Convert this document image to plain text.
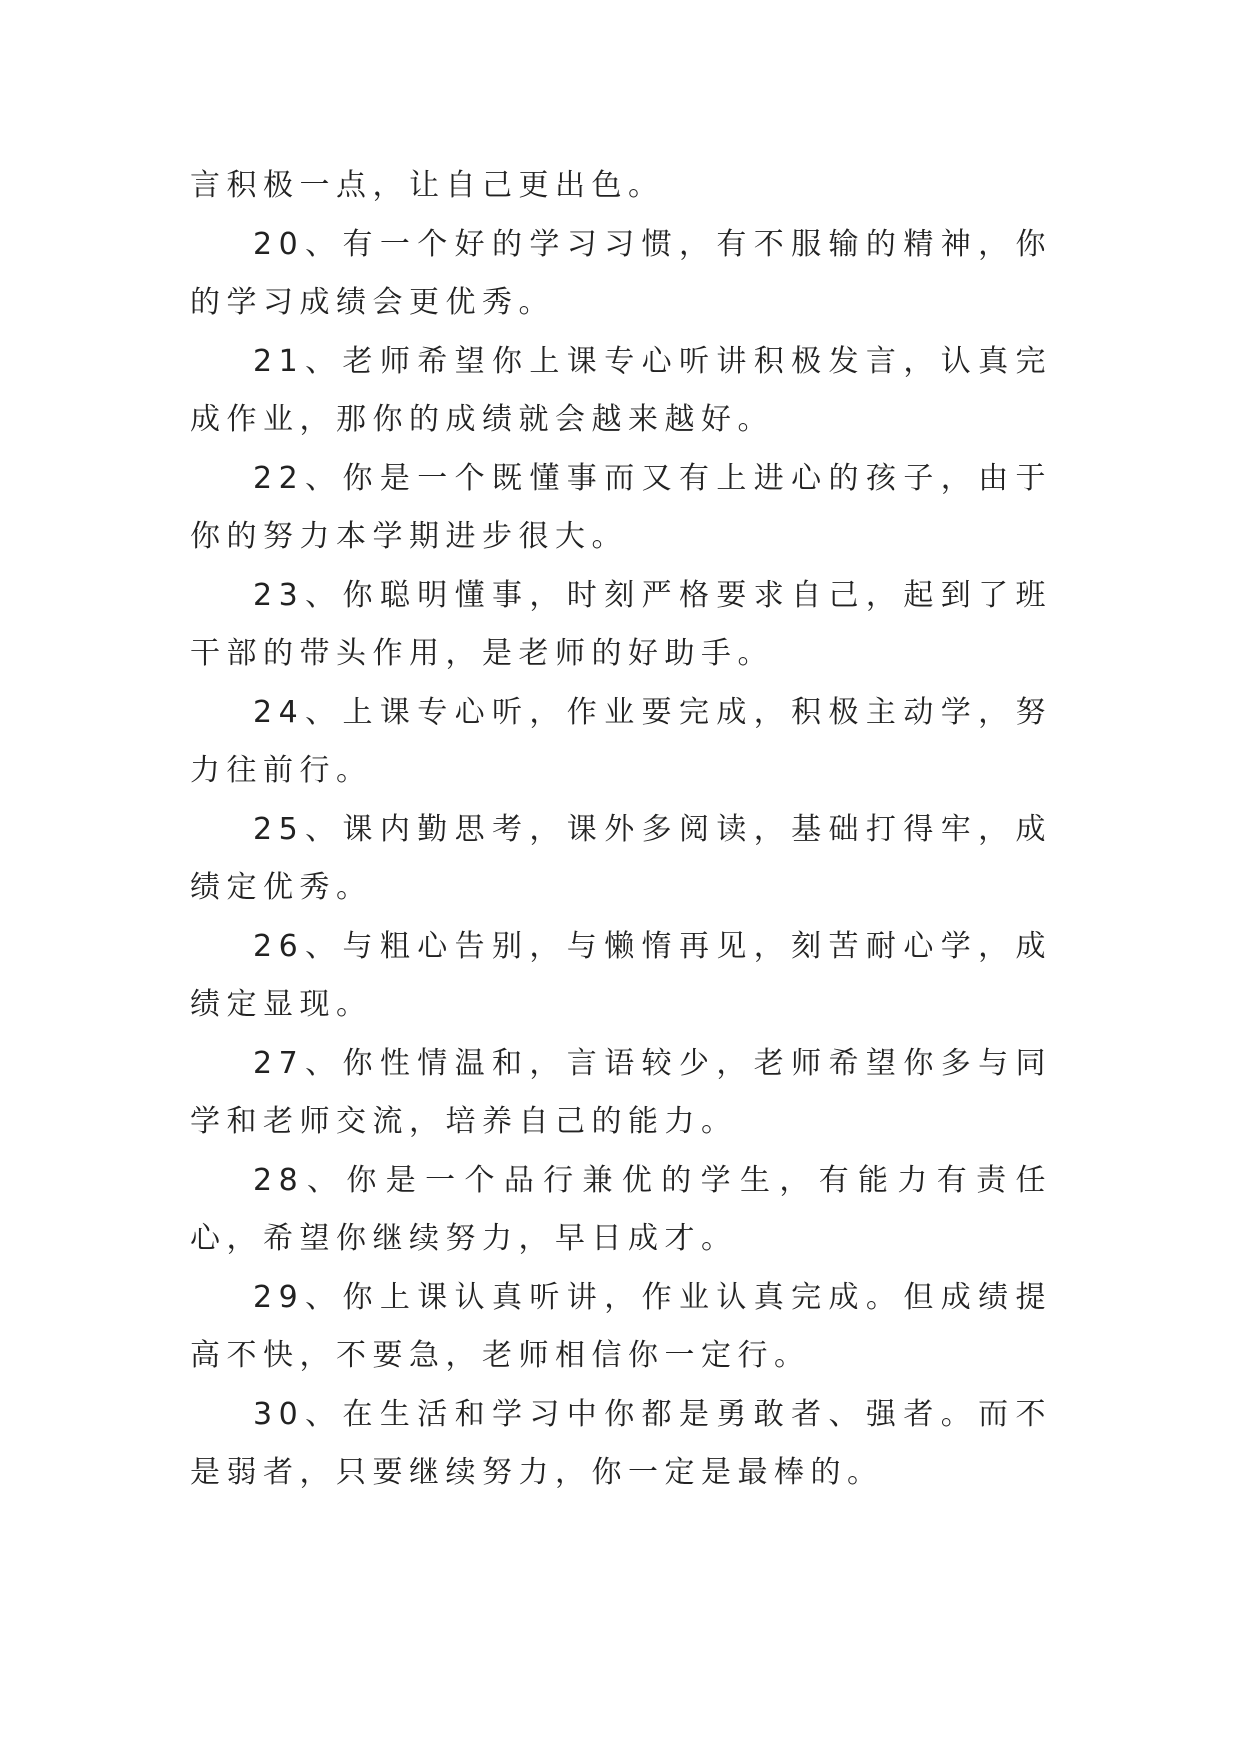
言积极一点，让自己更出色。

20、有一个好的学习习惯，有不服输的精神，你的学习成绩会更优秀。

21、老师希望你上课专心听讲积极发言，认真完成作业，那你的成绩就会越来越好。

22、你是一个既懂事而又有上进心的孩子，由于你的努力本学期进步很大。

23、你聪明懂事，时刻严格要求自己，起到了班干部的带头作用，是老师的好助手。

24、上课专心听，作业要完成，积极主动学，努力往前行。

25、课内勤思考，课外多阅读，基础打得牢，成绩定优秀。

26、与粗心告别，与懒惰再见，刻苦耐心学，成绩定显现。

27、你性情温和，言语较少，老师希望你多与同学和老师交流，培养自己的能力。

28、你是一个品行兼优的学生，有能力有责任心，希望你继续努力，早日成才。

29、你上课认真听讲，作业认真完成。但成绩提高不快，不要急，老师相信你一定行。

30、在生活和学习中你都是勇敢者、强者。而不是弱者，只要继续努力，你一定是最棒的。
